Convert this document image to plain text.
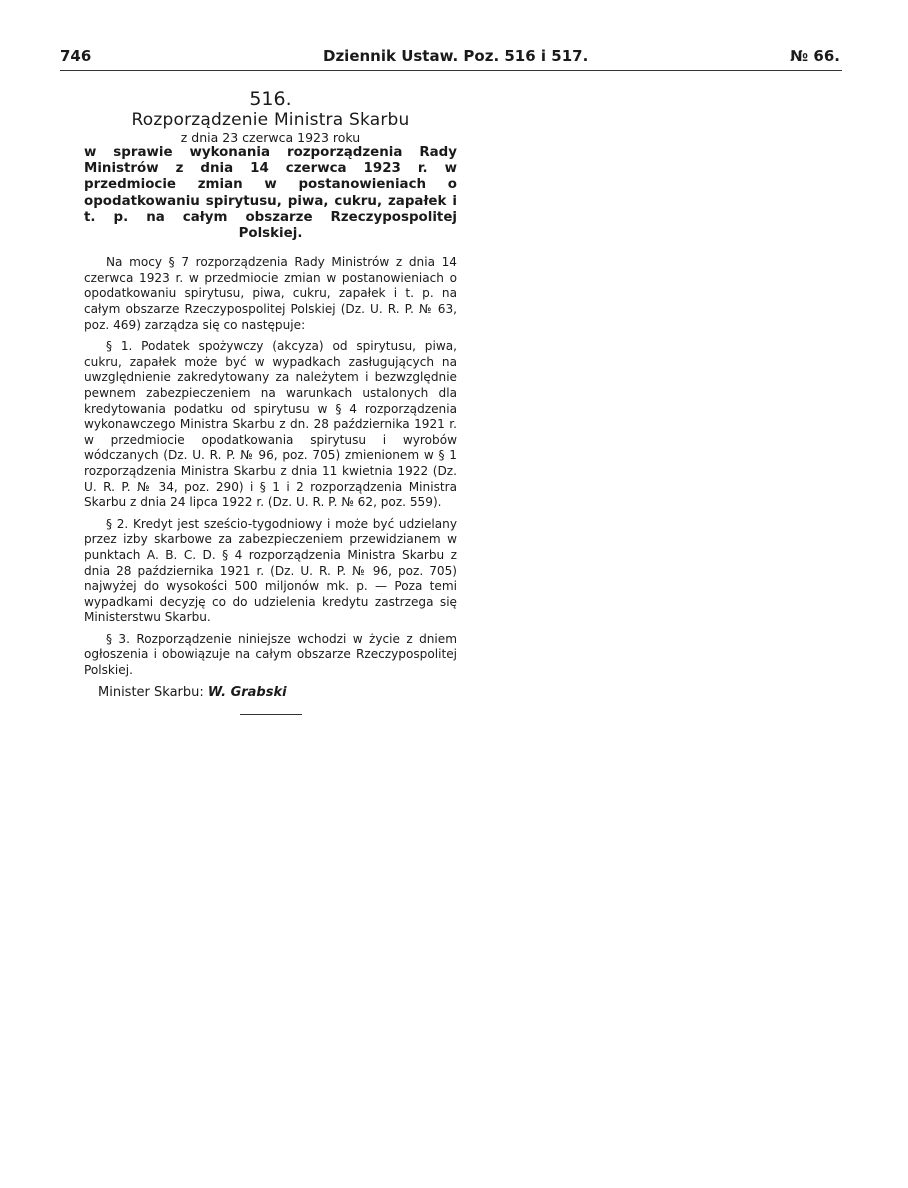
746	Dziennik Ustaw. Poz. 516 i 517.	№ 66.

516.

Rozporządzenie Ministra Skarbu

z dnia 23 czerwca 1923 roku

w sprawie wykonania rozporządzenia Rady Ministrów z dnia 14 czerwca 1923 r. w przedmiocie zmian w postanowieniach o opodatkowaniu spirytusu, piwa, cukru, zapałek i t. p. na całym obszarze Rzeczypospolitej Polskiej.

Na mocy § 7 rozporządzenia Rady Ministrów z dnia 14 czerwca 1923 r. w przedmiocie zmian w postanowieniach o opodatkowaniu spirytusu, piwa, cukru, zapałek i t. p. na całym obszarze Rzeczypospolitej Polskiej (Dz. U. R. P. № 63, poz. 469) zarządza się co następuje:

§ 1. Podatek spożywczy (akcyza) od spirytusu, piwa, cukru, zapałek może być w wypadkach zasługujących na uwzględnienie zakredytowany za należytem i bezwzględnie pewnem zabezpieczeniem na warunkach ustalonych dla kredytowania podatku od spirytusu w § 4 rozporządzenia wykonawczego Ministra Skarbu z dn. 28 października 1921 r. w przedmiocie opodatkowania spirytusu i wyrobów wódczanych (Dz. U. R. P. № 96, poz. 705) zmienionem w § 1 rozporządzenia Ministra Skarbu z dnia 11 kwietnia 1922 (Dz. U. R. P. № 34, poz. 290) i § 1 i 2 rozporządzenia Ministra Skarbu z dnia 24 lipca 1922 r. (Dz. U. R. P. № 62, poz. 559).

§ 2. Kredyt jest sześcio-tygodniowy i może być udzielany przez izby skarbowe za zabezpieczeniem przewidzianem w punktach A. B. C. D. § 4 rozporządzenia Ministra Skarbu z dnia 28 października 1921 r. (Dz. U. R. P. № 96, poz. 705) najwyżej do wysokości 500 miljonów mk. p. — Poza temi wypadkami decyzję co do udzielenia kredytu zastrzega się Ministerstwu Skarbu.

§ 3. Rozporządzenie niniejsze wchodzi w życie z dniem ogłoszenia i obowiązuje na całym obszarze Rzeczypospolitej Polskiej.

Minister Skarbu: W. Grabski
